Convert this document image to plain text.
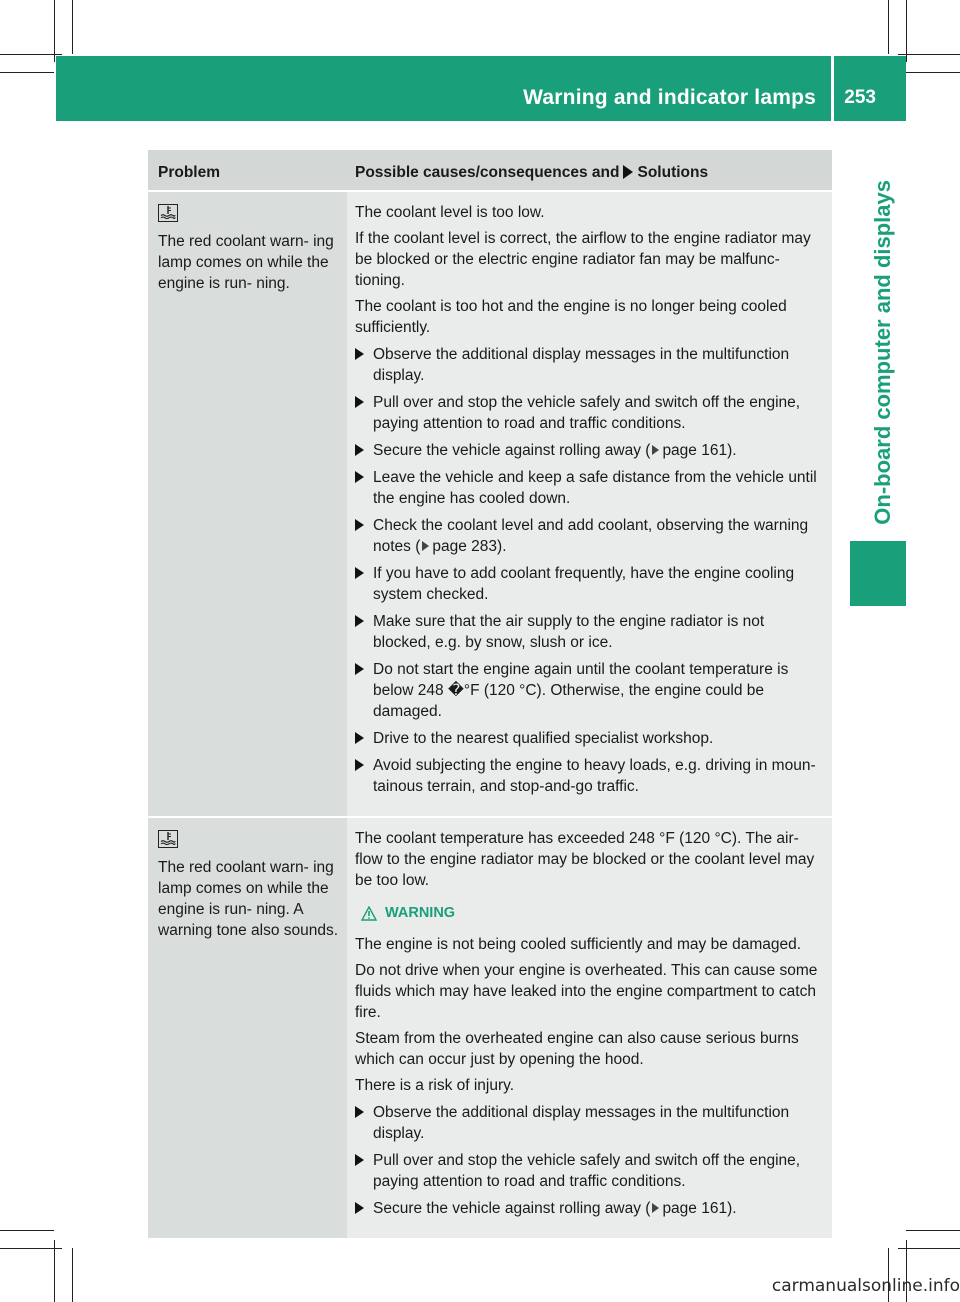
Warning and indicator lamps 253
On-board computer and displays
Problem	Possible causes/consequences and Solutions
The red coolant warn- ing lamp comes on while the engine is run- ning.
The coolant level is too low.
If the coolant level is correct, the airflow to the engine radiator may be blocked or the electric engine radiator fan may be malfunc- tioning.
The coolant is too hot and the engine is no longer being cooled sufficiently.
Observe the additional display messages in the multifunction display.
Pull over and stop the vehicle safely and switch off the engine, paying attention to road and traffic conditions.
Secure the vehicle against rolling away ( page 161).
Leave the vehicle and keep a safe distance from the vehicle until the engine has cooled down.
Check the coolant level and add coolant, observing the warning notes ( page 283).
If you have to add coolant frequently, have the engine cooling system checked.
Make sure that the air supply to the engine radiator is not blocked, e.g. by snow, slush or ice.
Do not start the engine again until the coolant temperature is below 248 �°F (120 ‌°C). Otherwise, the engine could be damaged.
Drive to the nearest qualified specialist workshop.
Avoid subjecting the engine to heavy loads, e.g. driving in moun- tainous terrain, and stop-and-go traffic.
The red coolant warn- ing lamp comes on while the engine is run- ning. A warning tone also sounds.
The coolant temperature has exceeded 248 ‌°F (120 ‌°C). The air- flow to the engine radiator may be blocked or the coolant level may be too low.
WARNING
The engine is not being cooled sufficiently and may be damaged.
Do not drive when your engine is overheated. This can cause some fluids which may have leaked into the engine compartment to catch fire.
Steam from the overheated engine can also cause serious burns which can occur just by opening the hood.
There is a risk of injury.
Observe the additional display messages in the multifunction display.
Pull over and stop the vehicle safely and switch off the engine, paying attention to road and traffic conditions.
Secure the vehicle against rolling away ( page 161).
carmanualsonline.info
